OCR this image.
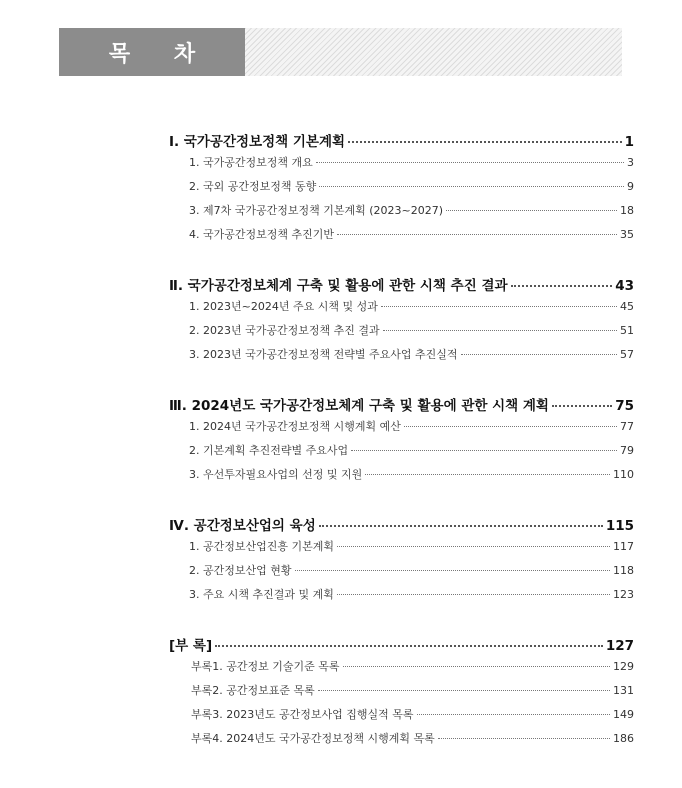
목 차
Ⅰ. 국가공간정보정책 기본계획	1
1. 국가공간정보정책 개요	3
2. 국외 공간정보정책 동향	9
3. 제7차 국가공간정보정책 기본계획 (2023~2027)	18
4. 국가공간정보정책 추진기반	35
Ⅱ. 국가공간정보체계 구축 및 활용에 관한 시책 추진 결과	43
1. 2023년~2024년 주요 시책 및 성과	45
2. 2023년 국가공간정보정책 추진 결과	51
3. 2023년 국가공간정보정책 전략별 주요사업 추진실적	57
Ⅲ. 2024년도 국가공간정보체계 구축 및 활용에 관한 시책 계획	75
1. 2024년 국가공간정보정책 시행계획 예산	77
2. 기본계획 추진전략별 주요사업	79
3. 우선투자필요사업의 선정 및 지원	110
Ⅳ. 공간정보산업의 육성	115
1. 공간정보산업진흥 기본계획	117
2. 공간정보산업 현황	118
3. 주요 시책 추진결과 및 계획	123
[부 록]	127
부록1. 공간정보 기술기준 목록	129
부록2. 공간정보표준 목록	131
부록3. 2023년도 공간정보사업 집행실적 목록	149
부록4. 2024년도 국가공간정보정책 시행계획 목록	186
